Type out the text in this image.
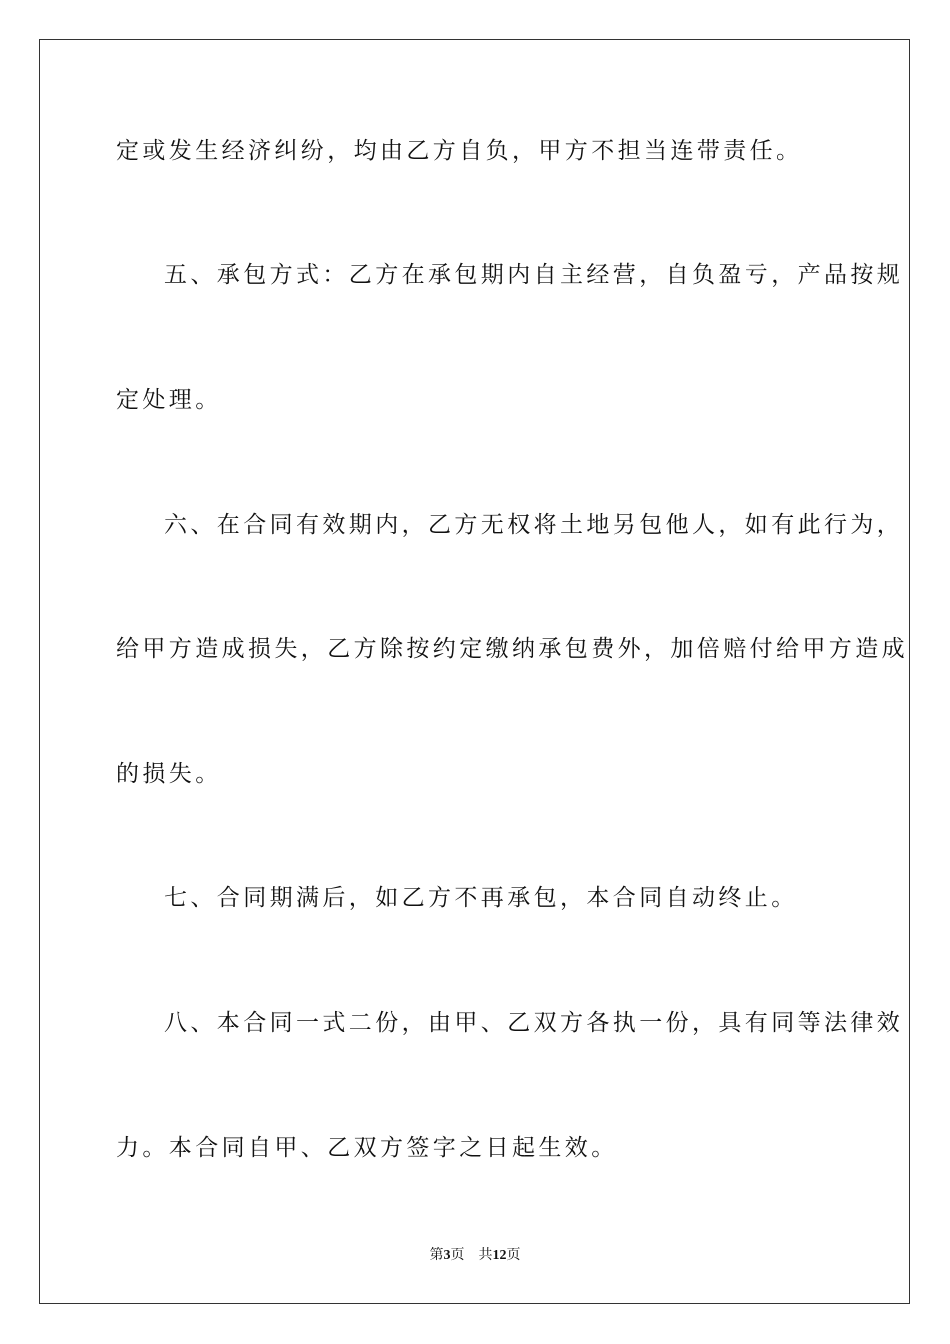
定或发生经济纠纷，均由乙方自负，甲方不担当连带责任。
五、承包方式：乙方在承包期内自主经营，自负盈亏，产品按规
定处理。
六、在合同有效期内，乙方无权将土地另包他人，如有此行为，
给甲方造成损失，乙方除按约定缴纳承包费外，加倍赔付给甲方造成
的损失。
七、合同期满后，如乙方不再承包，本合同自动终止。
八、本合同一式二份，由甲、乙双方各执一份，具有同等法律效
力。本合同自甲、乙双方签字之日起生效。
第3页 共12页
